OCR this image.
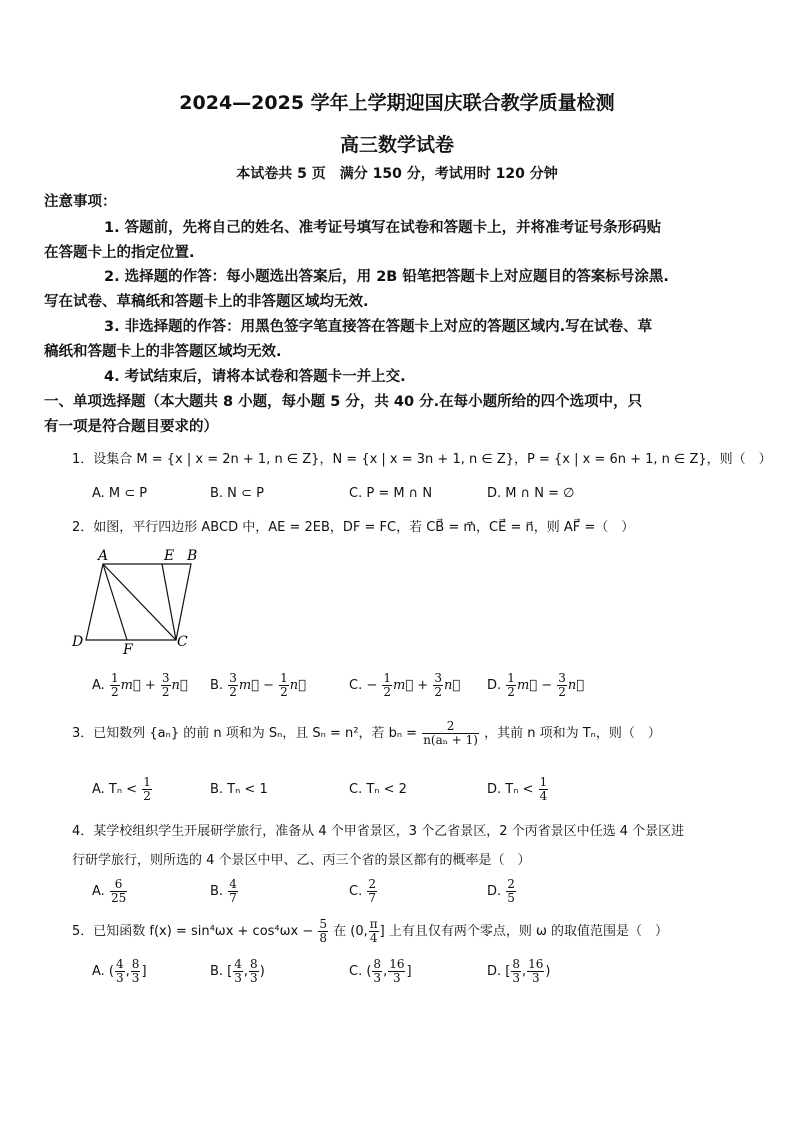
2024—2025 学年上学期迎国庆联合教学质量检测
高三数学试卷
本试卷共 5 页　满分 150 分，考试用时 120 分钟
注意事项：
1. 答题前，先将自己的姓名、准考证号填写在试卷和答题卡上，并将准考证号条形码贴
在答题卡上的指定位置.
2. 选择题的作答：每小题选出答案后，用 2B 铅笔把答题卡上对应题目的答案标号涂黑.
写在试卷、草稿纸和答题卡上的非答题区域均无效.
3. 非选择题的作答：用黑色签字笔直接答在答题卡上对应的答题区域内.写在试卷、草
稿纸和答题卡上的非答题区域均无效.
4. 考试结束后，请将本试卷和答题卡一并上交.
一、单项选择题（本大题共 8 小题，每小题 5 分，共 40 分.在每小题所给的四个选项中，只
有一项是符合题目要求的）
1．设集合 M = {x | x = 2n + 1, n ∈ Z}，N = {x | x = 3n + 1, n ∈ Z}，P = {x | x = 6n + 1, n ∈ Z}，则（　）
A. M ⊂ P	B. N ⊂ P	C. P = M ∩ N	D. M ∩ N = ∅
2．如图，平行四边形 ABCD 中，AE = 2EB，DF = FC，若 CB⃗ = m⃗，CE⃗ = n⃗，则 AF⃗ =（　）
A	E B
D	F	C
A. $\frac{1}{2}$ m⃗ + $\frac{3}{2}$ n⃗ B. $\frac{3}{2}$ m⃗ − $\frac{1}{2}$ n⃗	C. − $\frac{1}{2}$ m⃗ + $\frac{3}{2}$ n⃗ D. $\frac{1}{2}$ m⃗ − $\frac{3}{2}$ n⃗
3．已知数列 {aₙ} 的前 n 项和为 Sₙ，且 Sₙ = n²，若 $b_n = \frac{2}{\text{n(aₙ + 1)}}$ ，其前 n 项和为 Tₙ，则（　）
A. $T_n < \frac{1}{2}$	B. Tₙ < 1	C. Tₙ < 2	D. $T_n < \frac{1}{4}$
4．某学校组织学生开展研学旅行，准备从 4 个甲省景区，3 个乙省景区，2 个丙省景区中任选 4 个景区进
行研学旅行，则所选的 4 个景区中甲、乙、丙三个省的景区都有的概率是（　）
A. $\frac{6}{25}$	B. $\frac{4}{7}$	C. $\frac{2}{7}$	D. $\frac{2}{5}$
5．已知函数 $f(x) = \sin^4\omega x + \cos^4\omega x - \frac{5}{8}$ 在 (0, $\frac{\pi}{4}$ ] 上有且仅有两个零点，则 ω 的取值范围是（　）
A. ( $\frac{4}{3}$ , $\frac{8}{3}$ ]	B. [ $\frac{4}{3}$ , $\frac{8}{3}$ )	C. ( $\frac{8}{3}$ , $\frac{16}{3}$ ]	D. [ $\frac{8}{3}$ , $\frac{16}{3}$ )
